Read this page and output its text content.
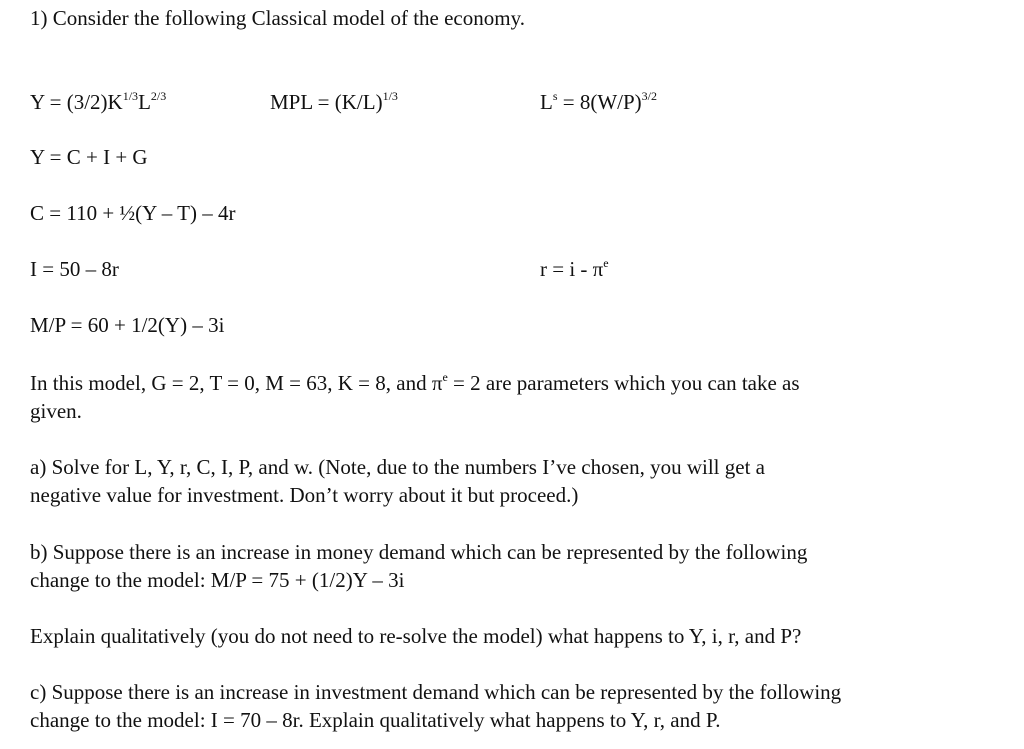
1) Consider the following Classical model of the economy.
$Y = (3/2)K^{1/3}L^{2/3}$	MPL = $(K/L)^{1/3}$	$L^s = 8(W/P)^{3/2}$
Y = C + I + G
C = 110 + ½(Y – T) – 4r
I = 50 – 8r	$r = i - \pi^e$
M/P = 60 + 1/2(Y) – 3i
In this model, G = 2, T = 0, M = 63, K = 8, and $\pi^e = 2$ are parameters which you can take as
given.
a) Solve for L, Y, r, C, I, P, and w. (Note, due to the numbers I’ve chosen, you will get a
negative value for investment. Don’t worry about it but proceed.)
b) Suppose there is an increase in money demand which can be represented by the following
change to the model: M/P = 75 + (1/2)Y – 3i
Explain qualitatively (you do not need to re-solve the model) what happens to Y, i, r, and P?
c) Suppose there is an increase in investment demand which can be represented by the following
change to the model: I = 70 – 8r. Explain qualitatively what happens to Y, r, and P.
